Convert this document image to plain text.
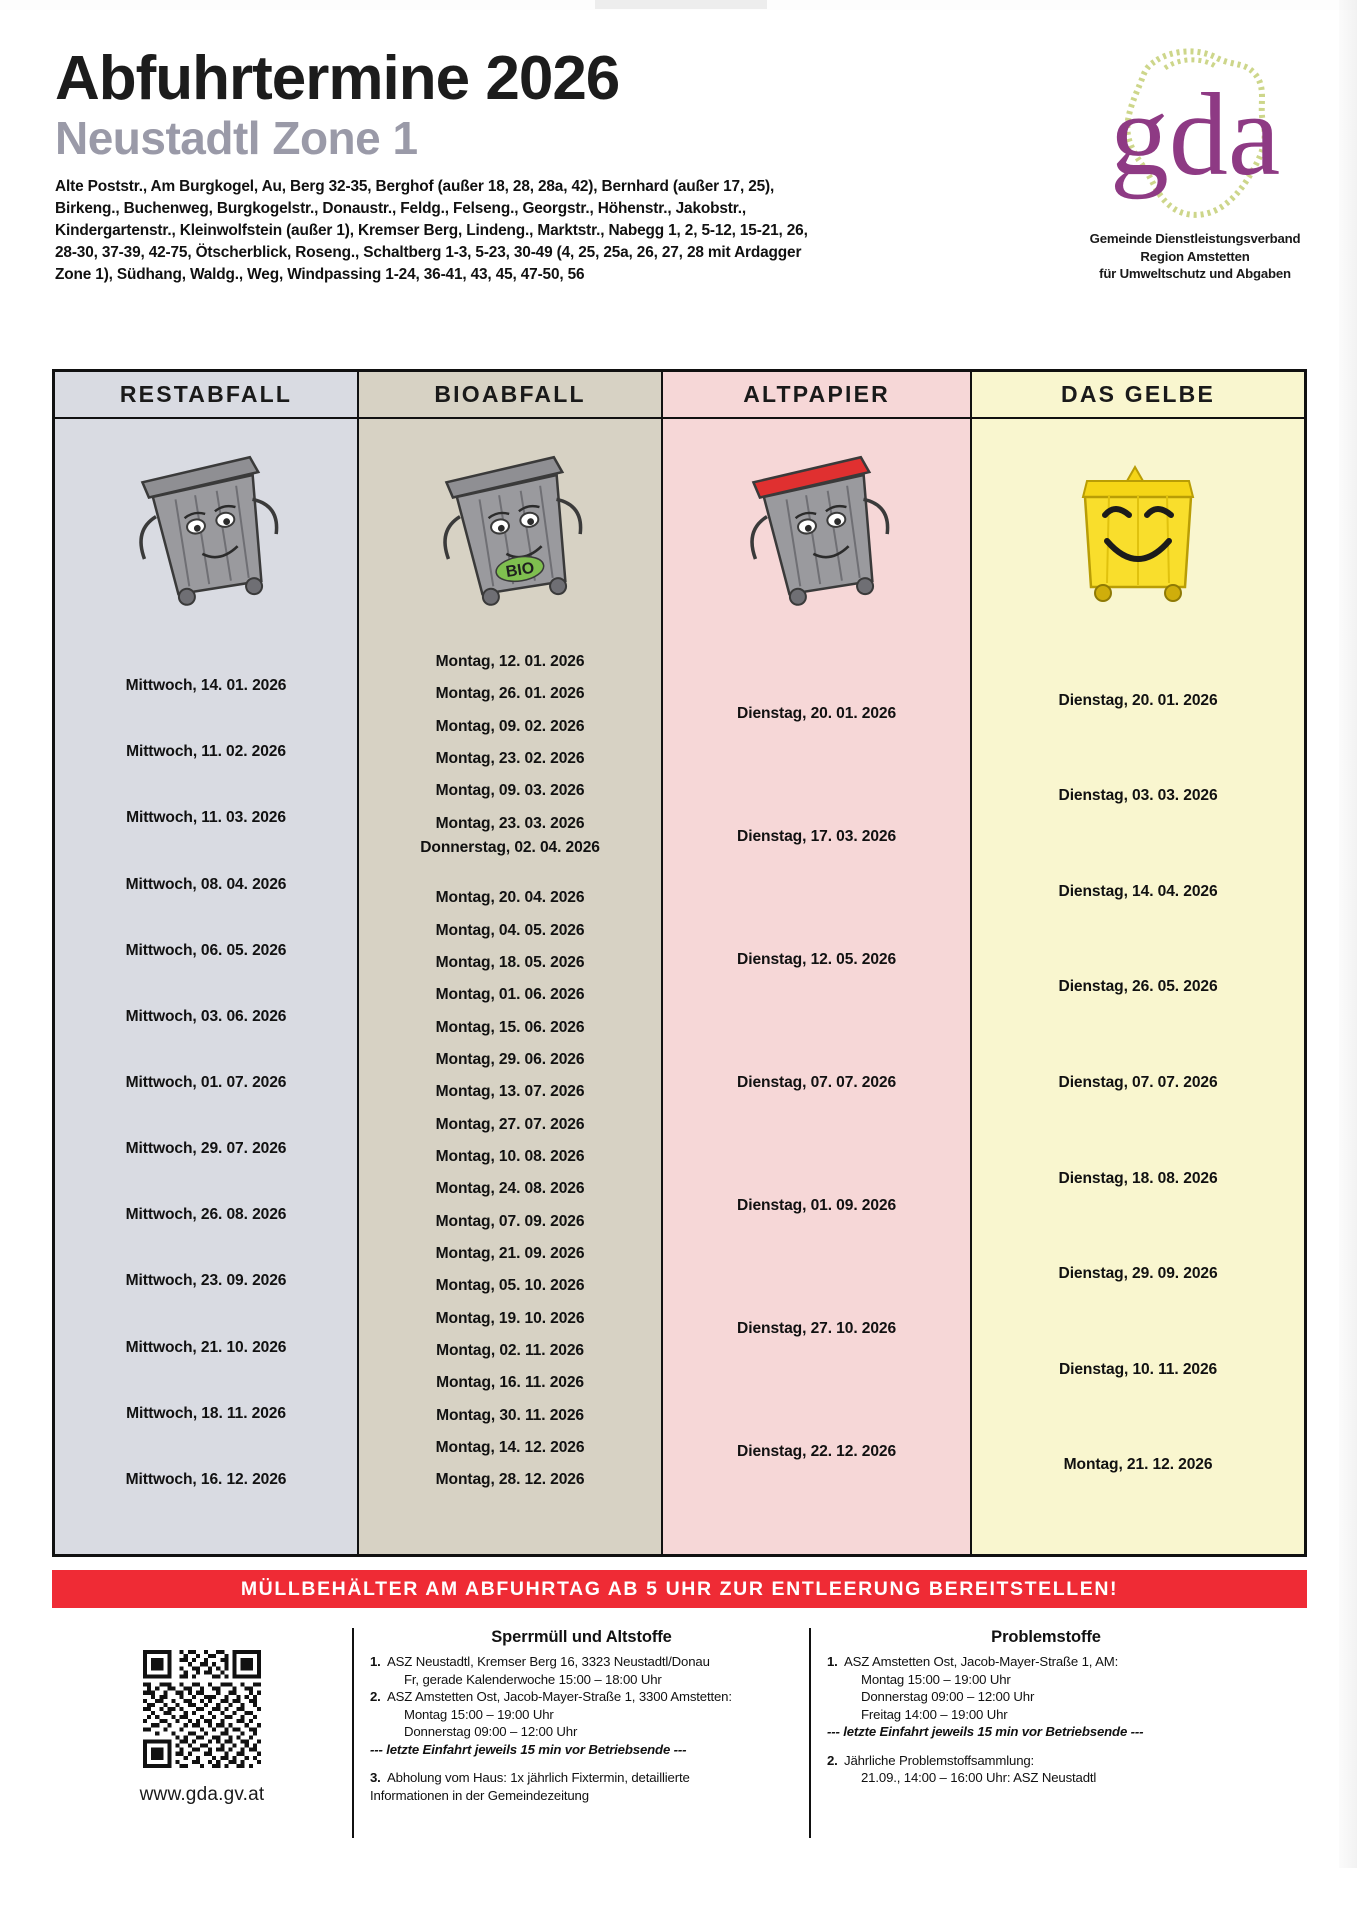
Abfuhrtermine 2026
Neustadtl Zone 1
Alte Poststr., Am Burgkogel, Au, Berg 32-35, Berghof (außer 18, 28, 28a, 42), Bernhard (außer 17, 25),
Birkeng., Buchenweg, Burgkogelstr., Donaustr., Feldg., Felseng., Georgstr., Höhenstr., Jakobstr.,
Kindergartenstr., Kleinwolfstein (außer 1), Kremser Berg, Lindeng., Marktstr., Nabegg 1, 2, 5-12, 15-21, 26,
28-30, 37-39, 42-75, Ötscherblick, Roseng., Schaltberg 1-3, 5-23, 30-49 (4, 25, 25a, 26, 27, 28 mit Ardagger
Zone 1), Südhang, Waldg., Weg, Windpassing 1-24, 36-41, 43, 45, 47-50, 56
gda
Gemeinde Dienstleistungsverband
Region Amstetten
für Umweltschutz und Abgaben
RESTABFALL
Mittwoch, 14. 01. 2026
Mittwoch, 11. 02. 2026
Mittwoch, 11. 03. 2026
Mittwoch, 08. 04. 2026
Mittwoch, 06. 05. 2026
Mittwoch, 03. 06. 2026
Mittwoch, 01. 07. 2026
Mittwoch, 29. 07. 2026
Mittwoch, 26. 08. 2026
Mittwoch, 23. 09. 2026
Mittwoch, 21. 10. 2026
Mittwoch, 18. 11. 2026
Mittwoch, 16. 12. 2026
BIOABFALL
BIO
Montag, 12. 01. 2026
Montag, 26. 01. 2026
Montag, 09. 02. 2026
Montag, 23. 02. 2026
Montag, 09. 03. 2026
Montag, 23. 03. 2026
Donnerstag, 02. 04. 2026
Montag, 20. 04. 2026
Montag, 04. 05. 2026
Montag, 18. 05. 2026
Montag, 01. 06. 2026
Montag, 15. 06. 2026
Montag, 29. 06. 2026
Montag, 13. 07. 2026
Montag, 27. 07. 2026
Montag, 10. 08. 2026
Montag, 24. 08. 2026
Montag, 07. 09. 2026
Montag, 21. 09. 2026
Montag, 05. 10. 2026
Montag, 19. 10. 2026
Montag, 02. 11. 2026
Montag, 16. 11. 2026
Montag, 30. 11. 2026
Montag, 14. 12. 2026
Montag, 28. 12. 2026
ALTPAPIER
Dienstag, 20. 01. 2026
Dienstag, 17. 03. 2026
Dienstag, 12. 05. 2026
Dienstag, 07. 07. 2026
Dienstag, 01. 09. 2026
Dienstag, 27. 10. 2026
Dienstag, 22. 12. 2026
DAS GELBE
Dienstag, 20. 01. 2026
Dienstag, 03. 03. 2026
Dienstag, 14. 04. 2026
Dienstag, 26. 05. 2026
Dienstag, 07. 07. 2026
Dienstag, 18. 08. 2026
Dienstag, 29. 09. 2026
Dienstag, 10. 11. 2026
Montag, 21. 12. 2026
MÜLLBEHÄLTER AM ABFUHRTAG AB 5 UHR ZUR ENTLEERUNG BEREITSTELLEN!
www.gda.gv.at
Sperrmüll und Altstoffe
1. ASZ Neustadtl, Kremser Berg 16, 3323 Neustadtl/Donau
Fr, gerade Kalenderwoche 15:00 – 18:00 Uhr
2. ASZ Amstetten Ost, Jacob-Mayer-Straße 1, 3300 Amstetten:
Montag 15:00 – 19:00 Uhr
Donnerstag 09:00 – 12:00 Uhr
--- letzte Einfahrt jeweils 15 min vor Betriebsende ---
3. Abholung vom Haus: 1x jährlich Fixtermin, detaillierte
Informationen in der Gemeindezeitung
Problemstoffe
1. ASZ Amstetten Ost, Jacob-Mayer-Straße 1, AM:
Montag 15:00 – 19:00 Uhr
Donnerstag 09:00 – 12:00 Uhr
Freitag 14:00 – 19:00 Uhr
--- letzte Einfahrt jeweils 15 min vor Betriebsende ---
2. Jährliche Problemstoffsammlung:
21.09., 14:00 – 16:00 Uhr: ASZ Neustadtl
